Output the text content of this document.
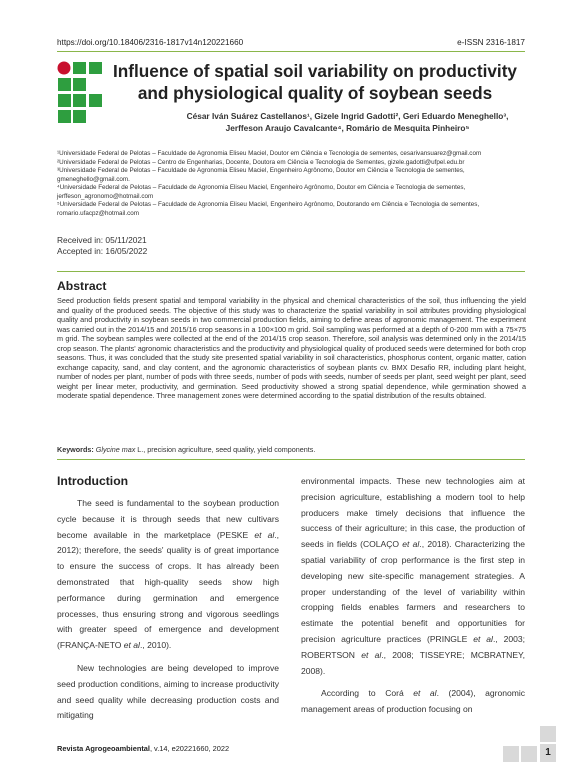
https://doi.org/10.18406/2316-1817v14n120221660	e-ISSN 2316-1817
Influence of spatial soil variability on productivity and physiological quality of soybean seeds
César Iván Suárez Castellanos¹, Gizele Ingrid Gadotti², Geri Eduardo Meneghello³,
Jerffeson Araujo Cavalcante⁴, Romário de Mesquita Pinheiro⁵
¹Universidade Federal de Pelotas – Faculdade de Agronomia Eliseu Maciel, Doutor em Ciência e Tecnologia de sementes, cesarivansuarez@gmail.com
²Universidade Federal de Pelotas – Centro de Engenharias, Docente, Doutora em Ciência e Tecnologia de Sementes, gizele.gadotti@ufpel.edu.br
³Universidade Federal de Pelotas – Faculdade de Agronomia Eliseu Maciel, Engenheiro Agrônomo, Doutor em Ciência e Tecnologia de sementes, gmeneghello@gmail.com.
⁴Universidade Federal de Pelotas – Faculdade de Agronomia Eliseu Maciel, Engenheiro Agrônomo, Doutor em Ciência e Tecnologia de sementes, jerffeson_agronomo@hotmail.com
⁵Universidade Federal de Pelotas – Faculdade de Agronomia Eliseu Maciel, Engenheiro Agrônomo, Doutorando em Ciência e Tecnologia de sementes, romario.ufacpz@hotmail.com
Received in: 05/11/2021
Accepted in: 16/05/2022
Abstract
Seed production fields present spatial and temporal variability in the physical and chemical characteristics of the soil, thus influencing the yield and quality of the produced seeds. The objective of this study was to characterize the spatial variability in soil attributes providing physiological quality and productivity in soybean seeds in two commercial production fields, aiming to define areas of agronomic management. The experiment was carried out in the 2014/15 and 2015/16 crop seasons in a 100×100 m grid. Soil sampling was performed at a depth of 0-200 mm with a 75×75 m grid. The soybean samples were collected at the end of the 2014/15 crop season. Therefore, soil analysis was determined only in the 2014/15 crop season. The plants' agronomic characteristics and the productivity and physiological quality of produced seeds were determined for both crop seasons. Thus, it was concluded that the study site presented spatial variability in soil characteristics, phosphorus content, organic matter, cation exchange capacity, sand, and clay content, and the agronomic characteristics of soybean plants cv. BMX Desafio RR, including plant height, number of nodes per plant, number of pods with three seeds, number of pods with seeds, number of seeds per plant, seed weight per plant, seed weight per linear meter, productivity, and germination. Seed productivity showed a strong spatial dependence, while germination showed a moderate spatial dependence. Three management zones were determined according to the spatial distribution of the results obtained.
Keywords: Glycine max L., precision agriculture, seed quality, yield components.
Introduction

The seed is fundamental to the soybean production cycle because it is through seeds that new cultivars become available in the marketplace (PESKE et al., 2012); therefore, the seeds' quality is of great importance to ensure the success of crops. It has already been demonstrated that high-quality seeds show high performance during germination and emergence processes, thus ensuring strong and vigorous seedlings with greater speed of emergence and development (FRANÇA-NETO et al., 2010).

New technologies are being developed to improve seed production conditions, aiming to increase productivity and seed quality while decreasing production costs and mitigating

environmental impacts. These new technologies aim at precision agriculture, establishing a modern tool to help producers make timely decisions that influence the success of their agriculture; in this case, the production of seeds in fields (COLAÇO et al., 2018). Characterizing the spatial variability of crop performance is the first step in developing new site-specific management strategies. A proper understanding of the level of variability within cropping fields enables farmers and researchers to estimate the potential benefit and opportunities for precision agriculture practices (PRINGLE et al., 2003; ROBERTSON et al., 2008; TISSEYRE; MCBRATNEY, 2008).

According to Corá et al. (2004), agronomic management areas of production focusing on

Revista Agrogeoambiental, v.14, e20221660, 2022	1
